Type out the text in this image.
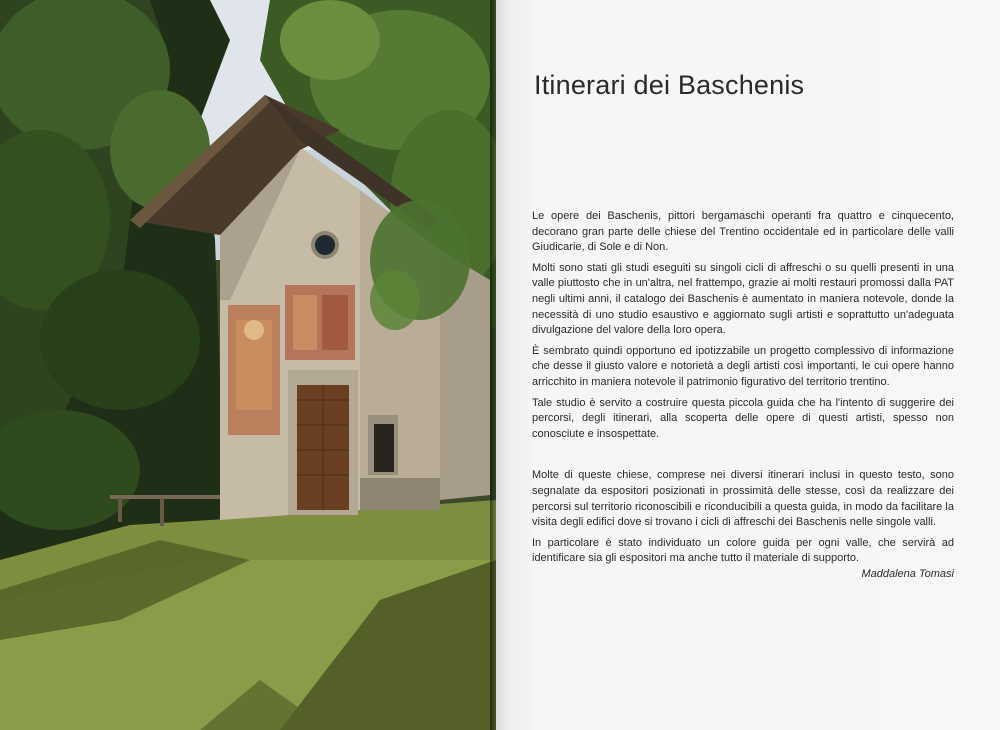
Itinerari dei Baschenis

Le opere dei Baschenis, pittori bergamaschi operanti fra quattro e cinquecento, decorano gran parte delle chiese del Trentino occidentale ed in particolare delle valli Giudicarie, di Sole e di Non.

Molti sono stati gli studi eseguiti su singoli cicli di affreschi o su quelli presenti in una valle piuttosto che in un'altra, nel frattempo, grazie ai molti restauri promossi dalla PAT negli ultimi anni, il catalogo dei Baschenis è aumentato in maniera notevole, donde la necessità di uno studio esaustivo e aggiornato sugli artisti e soprattutto un'adeguata divulgazione del valore della loro opera.

È sembrato quindi opportuno ed ipotizzabile un progetto complessivo di informazione che desse il giusto valore e notorietà a degli artisti così importanti, le cui opere hanno arricchito in maniera notevole il patrimonio figurativo del territorio trentino.

Tale studio è servito a costruire questa piccola guida che ha l'intento di suggerire dei percorsi, degli itinerari, alla scoperta delle opere di questi artisti, spesso non conosciute e insospettate.

Molte di queste chiese, comprese nei diversi itinerari inclusi in questo testo, sono segnalate da espositori posizionati in prossimità delle stesse, così da realizzare dei percorsi sul territorio riconoscibili e riconducibili a questa guida, in modo da facilitare la visita degli edifici dove si trovano i cicli di affreschi dei Baschenis nelle singole valli.

In particolare è stato individuato un colore guida per ogni valle, che servirà ad identificare sia gli espositori ma anche tutto il materiale di supporto.

Maddalena Tomasi
